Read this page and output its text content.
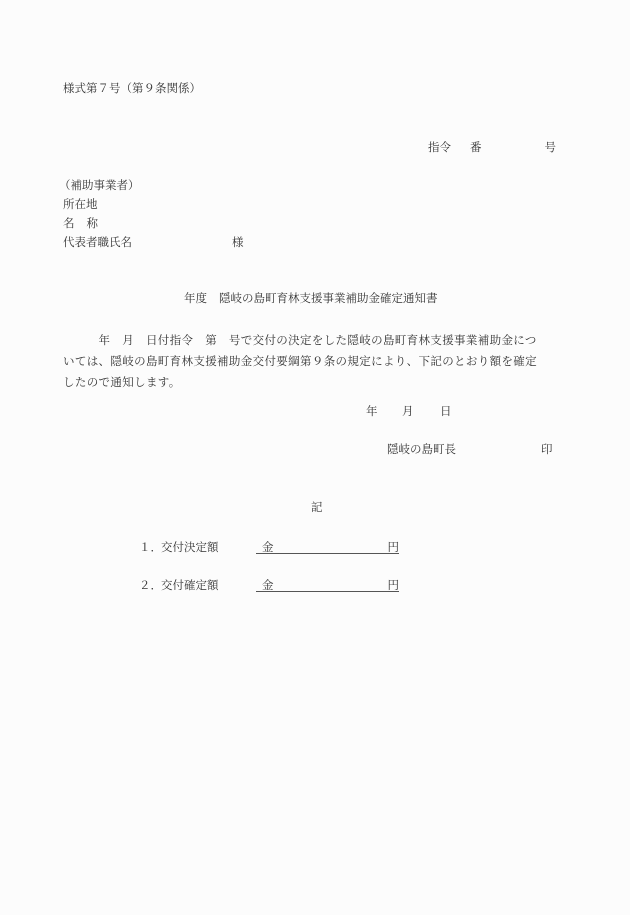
様式第７号（第９条関係）
指令 番	号
（補助事業者）
所在地
名 称
代表者職氏名	様
年度 隠岐の島町育林支援事業補助金確定通知書

　　　年　月　日付指令　第　号で交付の決定をした隠岐の島町育林支援事業補助金につ

いては、隠岐の島町育林支援補助金交付要綱第９条の規定により、下記のとおり額を確定

したので通知します。

年 月 日
隠岐の島町長	印
記
１． 交付決定額	金	円
２． 交付確定額	金	円
